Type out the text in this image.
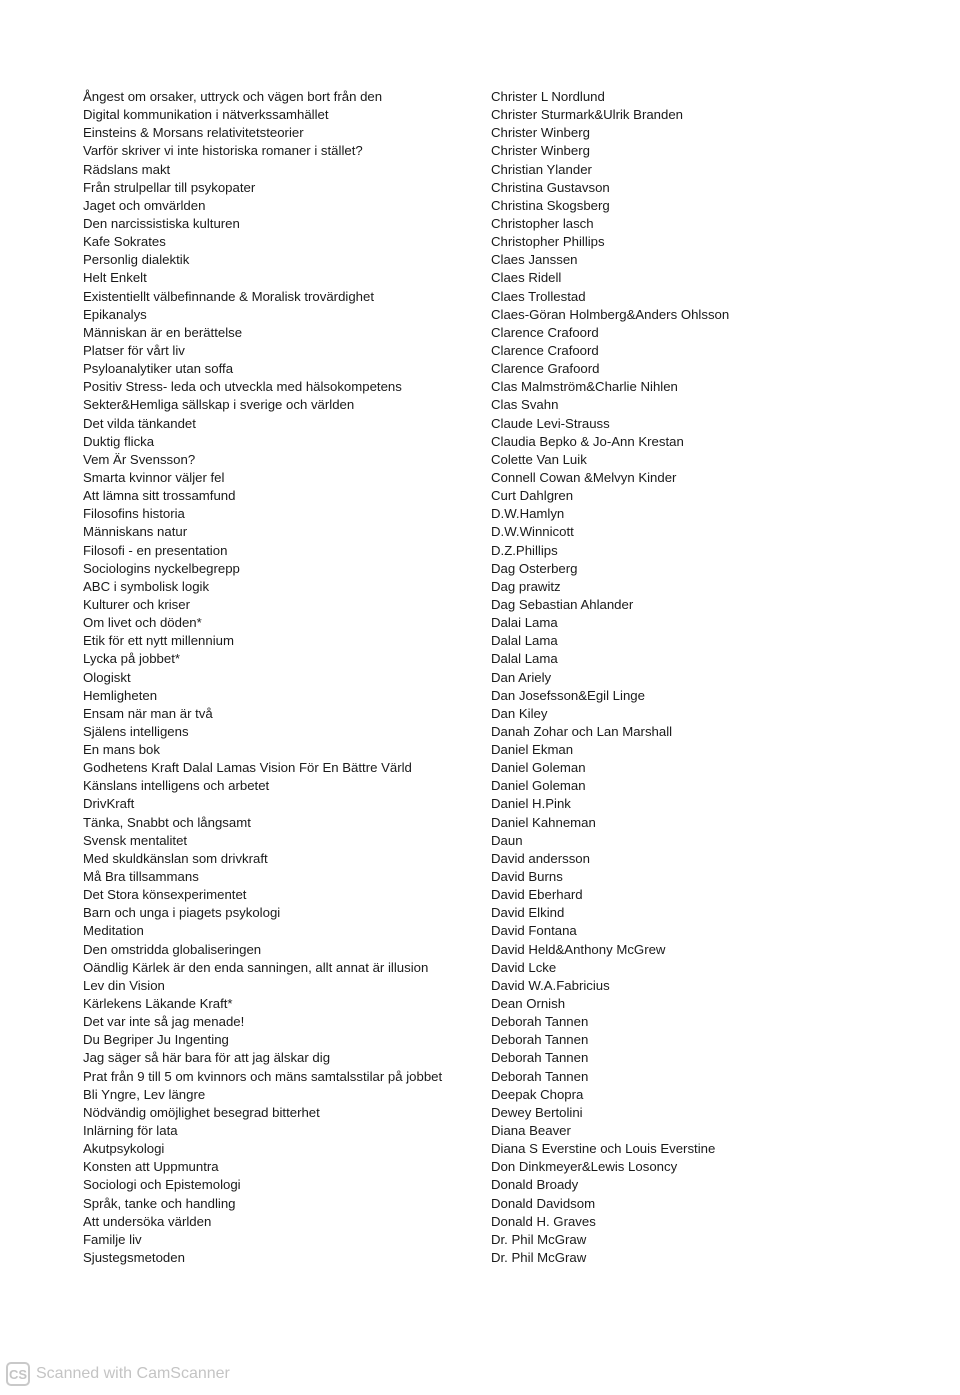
Ångest om orsaker, uttryck och vägen bort från den	Christer L Nordlund
Digital kommunikation i nätverkssamhället	Christer Sturmark&Ulrik Branden
Einsteins & Morsans relativitetsteorier	Christer Winberg
Varför skriver vi inte historiska romaner i stället?	Christer Winberg
Rädslans makt	Christian Ylander
Från strulpellar till psykopater	Christina Gustavson
Jaget och omvärlden	Christina Skogsberg
Den narcissistiska kulturen	Christopher lasch
Kafe Sokrates	Christopher Phillips
Personlig dialektik	Claes Janssen
Helt Enkelt	Claes Ridell
Existentiellt välbefinnande & Moralisk trovärdighet	Claes Trollestad
Epikanalys	Claes-Göran Holmberg&Anders Ohlsson
Människan är en berättelse	Clarence Crafoord
Platser för vårt liv	Clarence Crafoord
Psyloanalytiker utan soffa	Clarence Grafoord
Positiv Stress- leda och utveckla med hälsokompetens	Clas Malmström&Charlie Nihlen
Sekter&Hemliga sällskap i sverige och världen	Clas Svahn
Det vilda tänkandet	Claude Levi-Strauss
Duktig flicka	Claudia Bepko & Jo-Ann Krestan
Vem Är Svensson?	Colette Van Luik
Smarta kvinnor väljer fel	Connell Cowan &Melvyn Kinder
Att lämna sitt trossamfund	Curt Dahlgren
Filosofins historia	D.W.Hamlyn
Människans natur	D.W.Winnicott
Filosofi - en presentation	D.Z.Phillips
Sociologins nyckelbegrepp	Dag Osterberg
ABC i symbolisk logik	Dag prawitz
Kulturer och kriser	Dag Sebastian Ahlander
Om livet och döden*	Dalai Lama
Etik för ett nytt millennium	Dalal Lama
Lycka på jobbet*	Dalal Lama
Ologiskt	Dan Ariely
Hemligheten	Dan Josefsson&Egil Linge
Ensam när man är två	Dan Kiley
Själens intelligens	Danah Zohar och Lan Marshall
En mans bok	Daniel Ekman
Godhetens Kraft Dalal Lamas Vision För En Bättre Värld	Daniel Goleman
Känslans intelligens och arbetet	Daniel Goleman
DrivKraft	Daniel H.Pink
Tänka, Snabbt och långsamt	Daniel Kahneman
Svensk mentalitet	Daun
Med skuldkänslan som drivkraft	David andersson
Må Bra tillsammans	David Burns
Det Stora könsexperimentet	David Eberhard
Barn och unga i piagets psykologi	David Elkind
Meditation	David Fontana
Den omstridda globaliseringen	David Held&Anthony McGrew
Oändlig Kärlek är den enda sanningen, allt annat är illusion	David Lcke
Lev din Vision	David W.A.Fabricius
Kärlekens Läkande Kraft*	Dean Ornish
Det var inte så jag menade!	Deborah Tannen
Du Begriper Ju Ingenting	Deborah Tannen
Jag säger så här bara för att jag älskar dig	Deborah Tannen
Prat från 9 till 5 om kvinnors och mäns samtalsstilar på jobbet	Deborah Tannen
Bli Yngre, Lev längre	Deepak Chopra
Nödvändig omöjlighet besegrad bitterhet	Dewey Bertolini
Inlärning för lata	Diana Beaver
Akutpsykologi	Diana S Everstine och Louis Everstine
Konsten att Uppmuntra	Don Dinkmeyer&Lewis Losoncy
Sociologi och Epistemologi	Donald Broady
Språk, tanke och handling	Donald Davidsom
Att undersöka världen	Donald H. Graves
Familje liv	Dr. Phil McGraw
Sjustegsmetoden	Dr. Phil McGraw
CS Scanned with CamScanner
